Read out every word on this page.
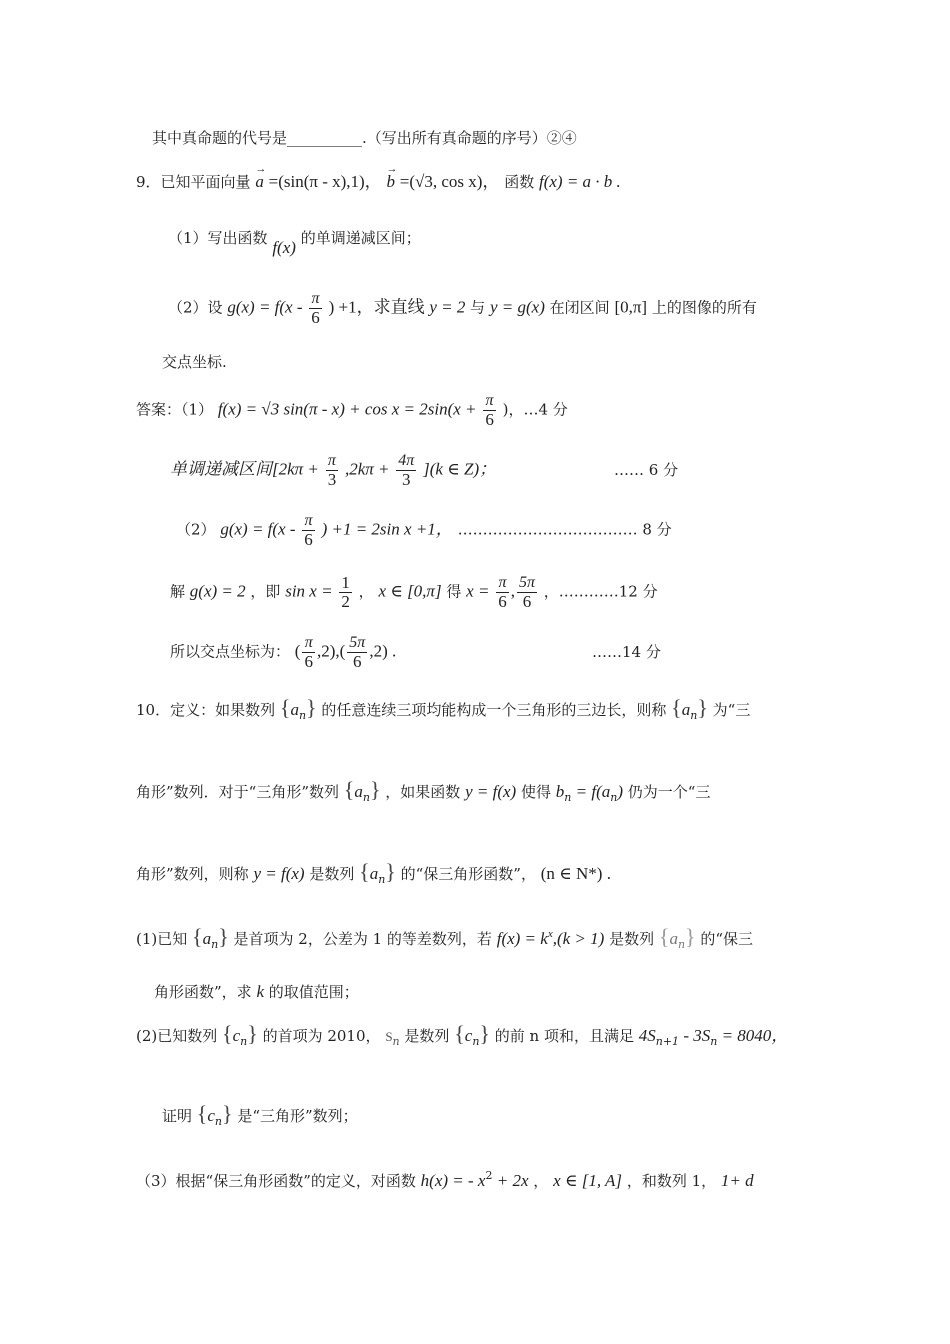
其中真命题的代号是__________.（写出所有真命题的序号）②④
9．已知平面向量 → a =(sin(π - x),1)， → b =(√3, cos x)， 函数 f(x) = a · b .
（1）写出函数 f(x) 的单调递减区间；
（2）设 $g(x) = f(x - \frac{\pi}{6}$ ) +1，求直线 y = 2 与 y = g(x) 在闭区间 [0,π] 上的图像的所有
交点坐标.
答案：（1） f(x) = √3 $\sin(\pi - x) + \cos x = 2\sin(x + \frac{\pi}{6}$ )，…4 分
单调递减区间$[2k\pi + \frac{\pi}{3} ,2k\pi + \frac{4\pi}{3} ](k$ ∈ Z)；	…… 6 分
（2） $g(x) = f(x - \frac{\pi}{6}$ ) +1 = 2sin x +1， ……………………………… 8 分
解 g(x) = 2 ，即 $\sin x = \frac{1}{2}$ ， x ∈ [0,π] 得 $x = \frac{\pi}{6}$ , $\frac{5\pi}{6}$ ，…………12 分
所以交点坐标为： ( $\frac{\pi}{6} ,2),( \frac{5\pi}{6} ,2)$ .	……14 分
10．定义：如果数列 $\{a_n\}$ 的任意连续三项均能构成一个三角形的三边长，则称 $\{a_n\}$ 为“三
角形”数列．对于“三角形”数列 $\{a_n\}$ ，如果函数 y = f(x) 使得 $b_n = f(a_n)$ 仍为一个“三
角形”数列，则称 y = f(x) 是数列 $\{a_n\}$ 的“保三角形函数”， (n ∈ N*) .
(1)已知 $\{a_n\}$ 是首项为 2，公差为 1 的等差数列，若 $f(x) = k^x,(k > 1)$ 是数列 $\{a_n\}$ 的“保三
角形函数”，求 k 的取值范围；
(2)已知数列 $\{c_n\}$ 的首项为 2010， $S_n$ 是数列 $\{c_n\}$ 的前 n 项和，且满足 $4S_{n+1} - 3S_n = 8040$，
证明 $\{c_n\}$ 是“三角形”数列；
（3）根据“保三角形函数”的定义，对函数 h(x) = - $x^2 + 2x$ ， x ∈ [1, A] ，和数列 1， 1+ d
